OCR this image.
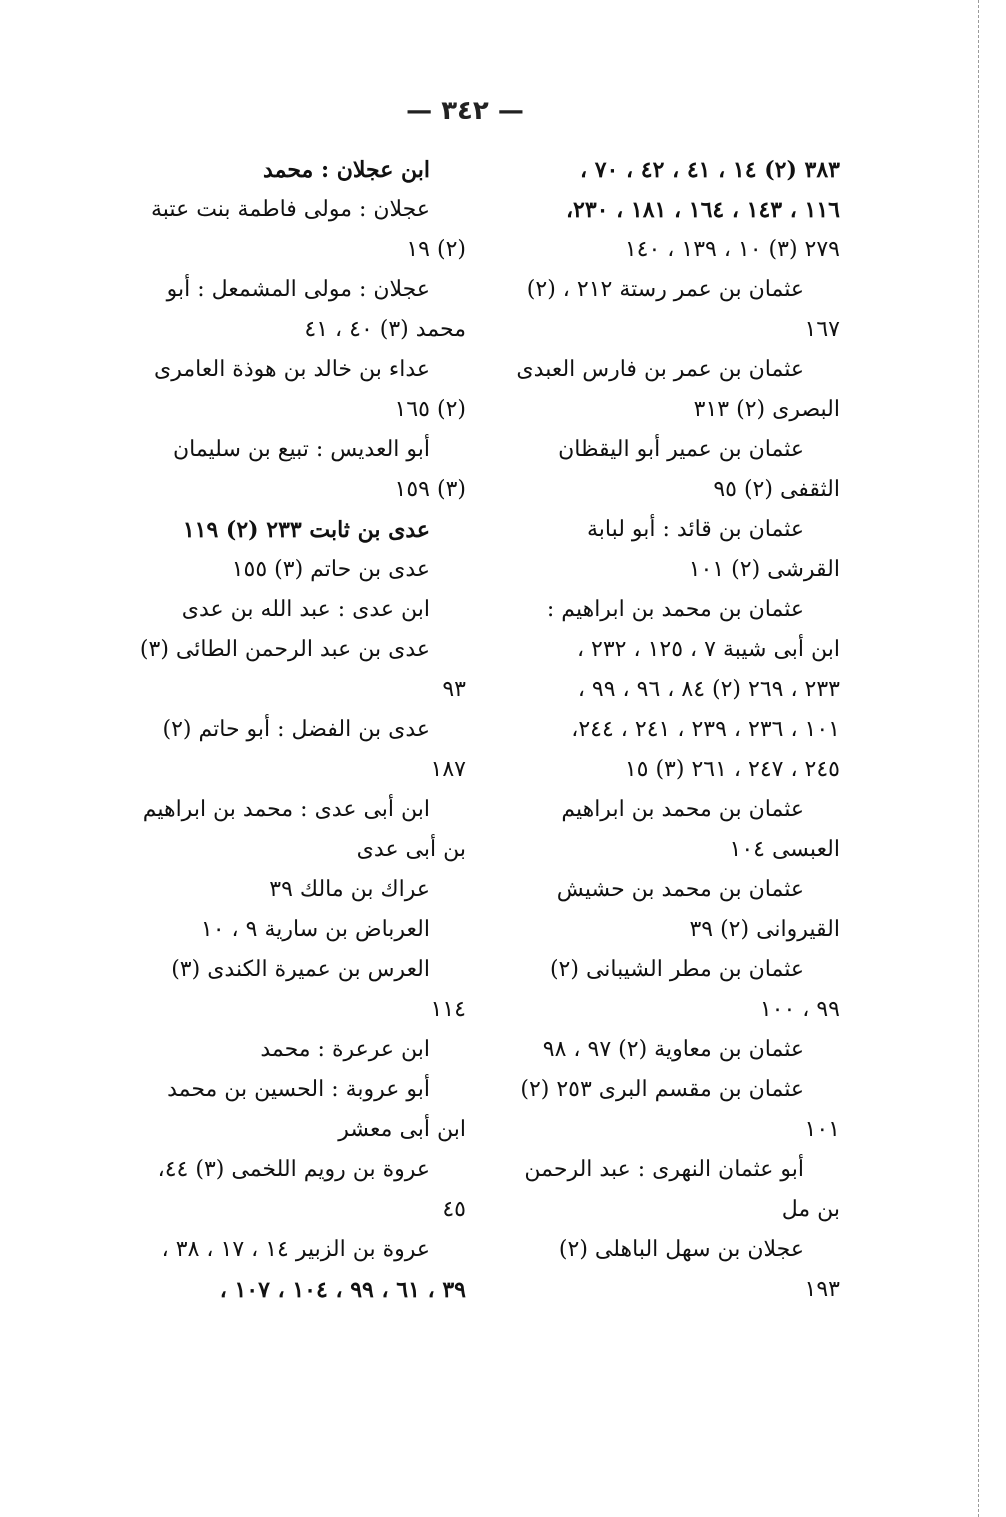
— ٣٤٢ —
٣٨٣ (٢) ١٤ ، ٤١ ، ٤٢ ، ٧٠ ،
١١٦ ، ١٤٣ ، ١٦٤ ، ١٨١ ، ٢٣٠،
٢٧٩ (٣) ١٠ ، ١٣٩ ، ١٤٠
عثمان بن عمر رستة ٢١٢ ، (٢)
١٦٧
عثمان بن عمر بن فارس العبدى
البصرى (٢) ٣١٣
عثمان بن عمير أبو اليقظان
الثقفى (٢) ٩٥
عثمان بن قائد : أبو لبابة
القرشى (٢) ١٠١
عثمان بن محمد بن ابراهيم :
ابن أبى شيبة ٧ ، ١٢٥ ، ٢٣٢ ،
٢٣٣ ، ٢٦٩ (٢) ٨٤ ، ٩٦ ، ٩٩ ،
١٠١ ، ٢٣٦ ، ٢٣٩ ، ٢٤١ ، ٢٤٤،
٢٤٥ ، ٢٤٧ ، ٢٦١ (٣) ١٥
عثمان بن محمد بن ابراهيم
العبسى ١٠٤
عثمان بن محمد بن حشيش
القيروانى (٢) ٣٩
عثمان بن مطر الشيبانى (٢)
٩٩ ، ١٠٠
عثمان بن معاوية (٢) ٩٧ ، ٩٨
عثمان بن مقسم البرى ٢٥٣ (٢)
١٠١
أبو عثمان النهرى : عبد الرحمن
بن مل
عجلان بن سهل الباهلى (٢)
١٩٣
ابن عجلان : محمد
عجلان : مولى فاطمة بنت عتبة
(٢) ١٩
عجلان : مولى المشمعل : أبو
محمد (٣) ٤٠ ، ٤١
عداء بن خالد بن هوذة العامرى
(٢) ١٦٥
أبو العديس : تبيع بن سليمان
(٣) ١٥٩
عدى بن ثابت ٢٣٣ (٢) ١١٩
عدى بن حاتم (٣) ١٥٥
ابن عدى : عبد الله بن عدى
عدى بن عبد الرحمن الطائى (٣)
٩٣
عدى بن الفضل : أبو حاتم (٢)
١٨٧
ابن أبى عدى : محمد بن ابراهيم
بن أبى عدى
عراك بن مالك ٣٩
العرباض بن سارية ٩ ، ١٠
العرس بن عميرة الكندى (٣)
١١٤
ابن عرعرة : محمد
أبو عروبة : الحسين بن محمد
ابن أبى معشر
عروة بن رويم اللخمى (٣) ٤٤،
٤٥
عروة بن الزبير ١٤ ، ١٧ ، ٣٨ ،
٣٩ ، ٦١ ، ٩٩ ، ١٠٤ ، ١٠٧ ،
